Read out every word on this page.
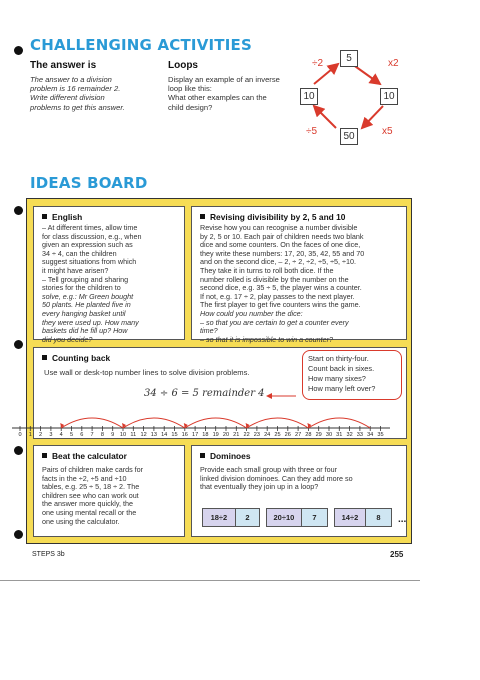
CHALLENGING ACTIVITIES
The answer is
The answer to a division
problem is 16 remainder 2.
Write different division
problems to get this answer.
Loops
Display an example of an inverse
loop like this:
What other examples can the
child design?
5
10	10
50
÷2	x2
÷5	x5
IDEAS BOARD
English

– At different times, allow time

for class discussion, e.g., when

given an expression such as

34 ÷ 4, can the children

suggest situations from which

it might have arisen?

– Tell grouping and sharing

stories for the children to

solve, e.g.: Mr Green bought

50 plants. He planted five in

every hanging basket until

they were used up. How many

baskets did he fill up? How

did you decide?

Revising divisibility by 2, 5 and 10

Revise how you can recognise a number divisible

by 2, 5 or 10. Each pair of children needs two blank

dice and some counters. On the faces of one dice,

they write these numbers: 17, 20, 35, 42, 55 and 70

and on the second dice, – 2, ÷ 2, ÷2, ÷5, ÷5, ÷10.

They take it in turns to roll both dice. If the

number rolled is divisible by the number on the

second dice, e.g. 35 ÷ 5, the player wins a counter.

If not, e.g. 17 ÷ 2, play passes to the next player.

The first player to get five counters wins the game.

How could you number the dice:

– so that you are certain to get a counter every

time?

– so that it is impossible to win a counter?

Counting back
Use wall or desk-top number lines to solve division problems.
34 ÷ 6 = 5 remainder 4
Start on thirty-four.
Count back in sixes.
How many sixes?
How many left over?
Beat the calculator

Pairs of children make cards for

facts in the ÷2, ÷5 and ÷10

tables, e.g. 25 ÷ 5, 18 ÷ 2. The

children see who can work out

the answer more quickly, the

one using mental recall or the

one using the calculator.

Dominoes

Provide each small group with three or four

linked division dominoes. Can they add more so

that eventually they join up in a loop?

0 1 2 3 4 5 6 7 8 9 10 11 12 13 14 15 16 17 18 19 20 21 22 23 24 25 26 27 28 29 30 31 32 33 34 35
18÷2	2	20÷10	7	14÷2	8	...
STEPS 3b	255
